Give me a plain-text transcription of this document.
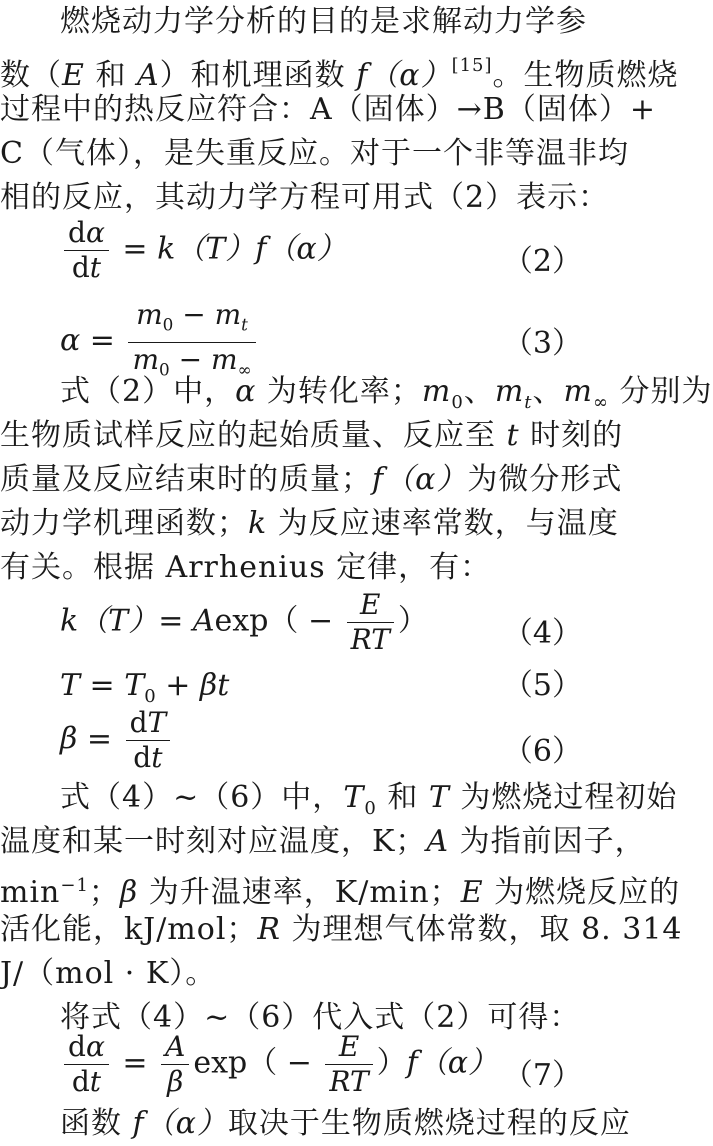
燃烧动力学分析的目的是求解动力学参
数（E 和 A）和机理函数 f（α）[15]。生物质燃烧
过程中的热反应符合：A（固体）→B（固体）+
C（气体），是失重反应。对于一个非等温非均
相的反应，其动力学方程可用式（2）表示：
$\frac{d\alpha}{dt} = k(T)f(\alpha)$	（2）
$\alpha = \frac{m_0 - m_t}{m_0 - m_\infty}$	（3）
式（2）中，α 为转化率；$m_0$、$m_t$、$m_\infty$ 分别为
生物质试样反应的起始质量、反应至 t 时刻的
质量及反应结束时的质量；f（α）为微分形式
动力学机理函数；k 为反应速率常数，与温度
有关。根据 Arrhenius 定律，有：
$k(T)= Aexp( - \frac{E}{RT}$ ）	（4）
$T = T_0 + \beta t$	（5）
$\beta = \frac{dT}{dt}$	（6）
式（4）~（6）中，$T_0$ 和 T 为燃烧过程初始
温度和某一时刻对应温度，K；A 为指前因子，
$\min^{-1}$；β 为升温速率，K/min；E 为燃烧反应的
活化能，kJ/mol；R 为理想气体常数，取 8. 314
J/（mol · K）。
将式（4）~（6）代入式（2）可得：
$\frac{d\alpha}{dt} = \frac{A}{\beta} \exp( - \frac{E}{RT} )f(\alpha)$ （7）
函数 f（α）取决于生物质燃烧过程的反应
